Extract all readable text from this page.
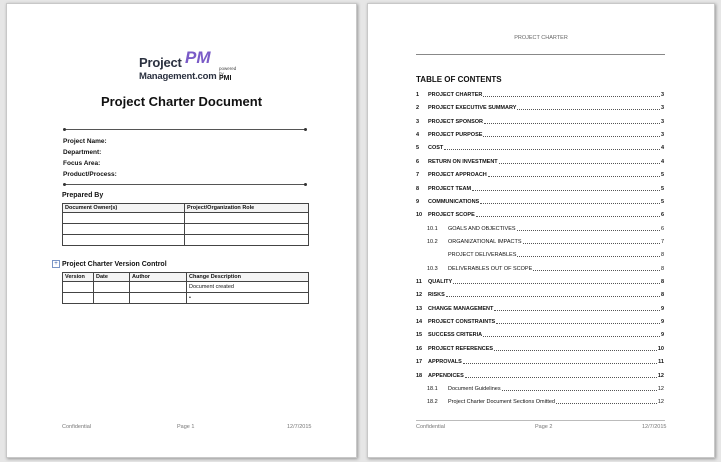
Project PM
Management.com
powered by
PMI
Project Charter Document
Project Name:
Department:
Focus Area:
Product/Process:
Prepared By
Document Owner(s)	Project/Organization Role

+ Project Charter Version Control
Version	Date	Author	Change Description
			Document created
			•
Confidential	Page 1	12/7/2015
PROJECT CHARTER
TABLE OF CONTENTS
1	PROJECT CHARTER	3
2	PROJECT EXECUTIVE SUMMARY	3
3	PROJECT SPONSOR	3
4	PROJECT PURPOSE	3
5	COST	4
6	RETURN ON INVESTMENT	4
7	PROJECT APPROACH	5
8	PROJECT TEAM	5
9	COMMUNICATIONS	5
10	PROJECT SCOPE	6
10.1	GOALS AND OBJECTIVES	6
10.2	ORGANIZATIONAL IMPACTS	7
PROJECT DELIVERABLES	8
10.3	DELIVERABLES OUT OF SCOPE	8
11	QUALITY	8
12	RISKS	8
13	CHANGE MANAGEMENT	9
14	PROJECT CONSTRAINTS	9
15	SUCCESS CRITERIA	9
16	PROJECT REFERENCES	10
17	APPROVALS	11
18	APPENDICES	12
18.1	Document Guidelines	12
18.2	Project Charter Document Sections Omitted	12
Confidential	Page 2	12/7/2015
